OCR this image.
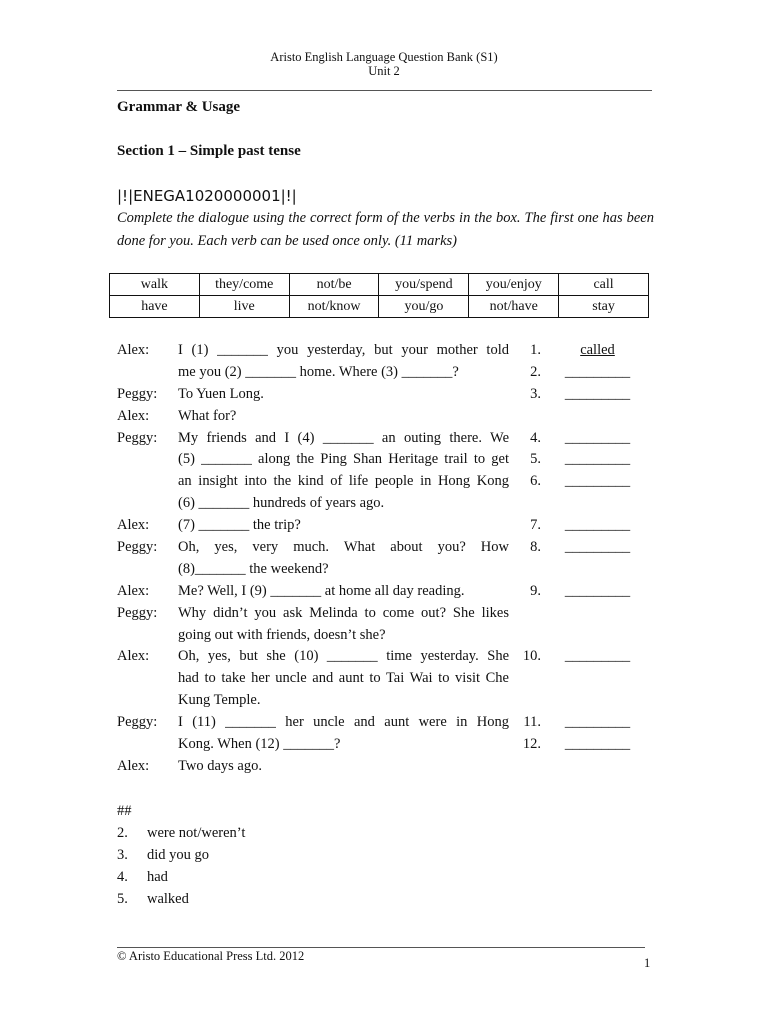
Aristo English Language Question Bank (S1)
Unit 2
Grammar & Usage
Section 1 – Simple past tense
|!|ENEGA1020000001|!|
Complete the dialogue using the correct form of the verbs in the box. The first one has been done for you. Each verb can be used once only. (11 marks)
walk	they/come	not/be	you/spend	you/enjoy	call
have	live	not/know	you/go	not/have	stay
Alex:	I (1) _______ you yesterday, but your mother told	1.	called
me you (2) _______ home. Where (3) _______?	2. _________
Peggy:	To Yuen Long.	3. _________
Alex:	What for?
Peggy:	My friends and I (4) _______ an outing there. We	4. _________
(5) _______ along the Ping Shan Heritage trail to get	5. _________
an insight into the kind of life people in Hong Kong	6. _________
(6) _______ hundreds of years ago.
Alex:	(7) _______ the trip?	7. _________
Peggy:	Oh, yes, very much. What about you? How	8. _________
(8)_______ the weekend?
Alex:	Me? Well, I (9) _______ at home all day reading.	9. _________
Peggy:	Why didn’t you ask Melinda to come out? She likes
going out with friends, doesn’t she?
Alex:	Oh, yes, but she (10) _______ time yesterday. She 10. _________
had to take her uncle and aunt to Tai Wai to visit Che
Kung Temple.
Peggy:	I (11) _______ her uncle and aunt were in Hong 11. _________
Kong. When (12) _______?	12. _________
Alex:	Two days ago.
##
2.	were not/weren’t
3.	did you go
4.	had
5.	walked
© Aristo Educational Press Ltd. 2012	1
